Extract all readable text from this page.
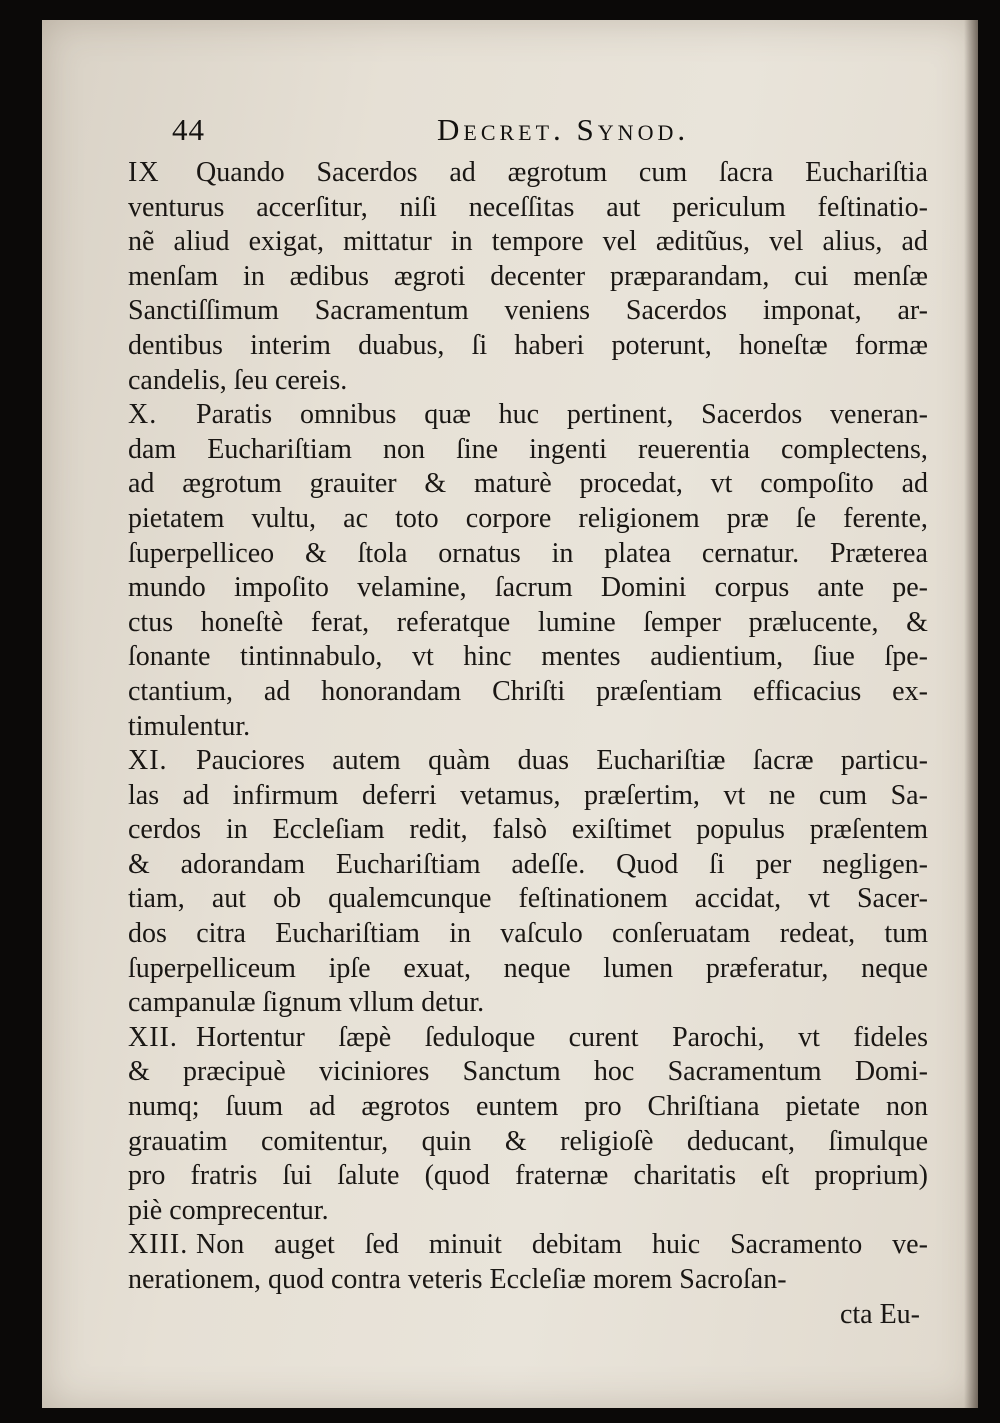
44	Decret. Synod.
IX	Quando Sacerdos ad ægrotum cum ſacra Euchariſtia
venturus accerſitur, niſi neceſſitas aut periculum feſtinatio-
nẽ aliud exigat, mittatur in tempore vel æditũus, vel alius, ad
menſam in ædibus ægroti decenter præparandam, cui menſæ
Sanctiſſimum Sacramentum veniens Sacerdos imponat, ar-
dentibus interim duabus, ſi haberi poterunt, honeſtæ formæ
candelis, ſeu cereis.
X.	Paratis omnibus quæ huc pertinent, Sacerdos veneran-
dam Euchariſtiam non ſine ingenti reuerentia complectens,
ad ægrotum grauiter & maturè procedat, vt compoſito ad
pietatem vultu, ac toto corpore religionem præ ſe ferente,
ſuperpelliceo & ſtola ornatus in platea cernatur. Præterea
mundo impoſito velamine, ſacrum Domini corpus ante pe-
ctus honeſtè ferat, referatque lumine ſemper prælucente, &
ſonante tintinnabulo, vt hinc mentes audientium, ſiue ſpe-
ctantium, ad honorandam Chriſti præſentiam efficacius ex-
timulentur.
XI.	Pauciores autem quàm duas Euchariſtiæ ſacræ particu-
las ad infirmum deferri vetamus, præſertim, vt ne cum Sa-
cerdos in Eccleſiam redit, falsò exiſtimet populus præſentem
& adorandam Euchariſtiam adeſſe. Quod ſi per negligen-
tiam, aut ob qualemcunque feſtinationem accidat, vt Sacer-
dos citra Euchariſtiam in vaſculo conſeruatam redeat, tum
ſuperpelliceum ipſe exuat, neque lumen præferatur, neque
campanulæ ſignum vllum detur.
XII. Hortentur ſæpè ſeduloque curent Parochi, vt fideles
& præcipuè viciniores Sanctum hoc Sacramentum Domi-
numq; ſuum ad ægrotos euntem pro Chriſtiana pietate non
grauatim comitentur, quin & religioſè deducant, ſimulque
pro fratris ſui ſalute (quod fraternæ charitatis eſt proprium)
piè comprecentur.
XIII. Non auget ſed minuit debitam huic Sacramento ve-
nerationem, quod contra veteris Eccleſiæ morem Sacroſan-
cta Eu-
